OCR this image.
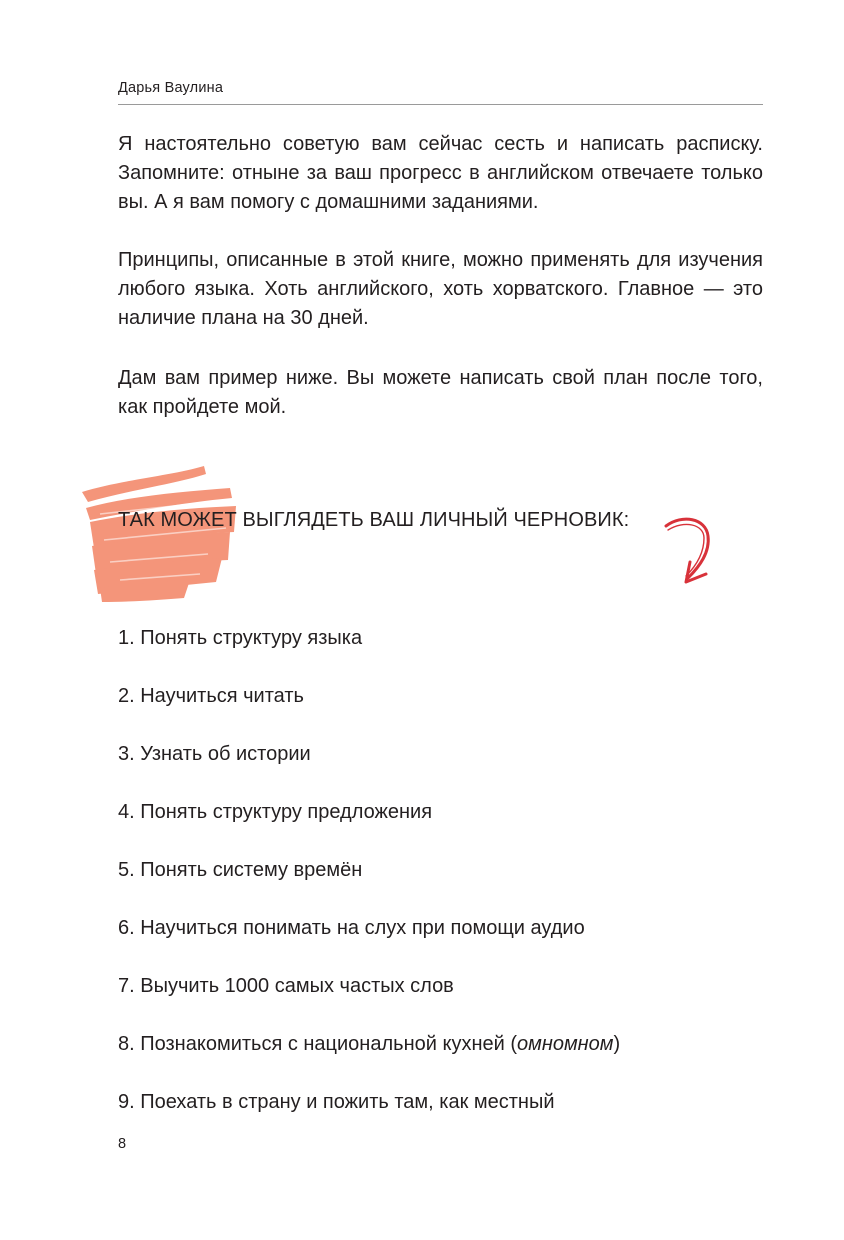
Дарья Ваулина

Я настоятельно советую вам сейчас сесть и написать расписку. Запомните: отныне за ваш прогресс в английском отвечаете только вы. А я вам помогу с домашними заданиями.

Принципы, описанные в этой книге, можно применять для изучения любого языка. Хоть английского, хоть хорватского. Главное — это наличие плана на 30 дней.

Дам вам пример ниже. Вы можете написать свой план после того, как пройдете мой.

ТАК МОЖЕТ ВЫГЛЯДЕТЬ ВАШ ЛИЧНЫЙ ЧЕРНОВИК:
1. Понять структуру языка
2. Научиться читать
3. Узнать об истории
4. Понять структуру предложения
5. Понять систему времён
6. Научиться понимать на слух при помощи аудио
7. Выучить 1000 самых частых слов
8. Познакомиться с национальной кухней (омномном)
9. Поехать в страну и пожить там, как местный
8
